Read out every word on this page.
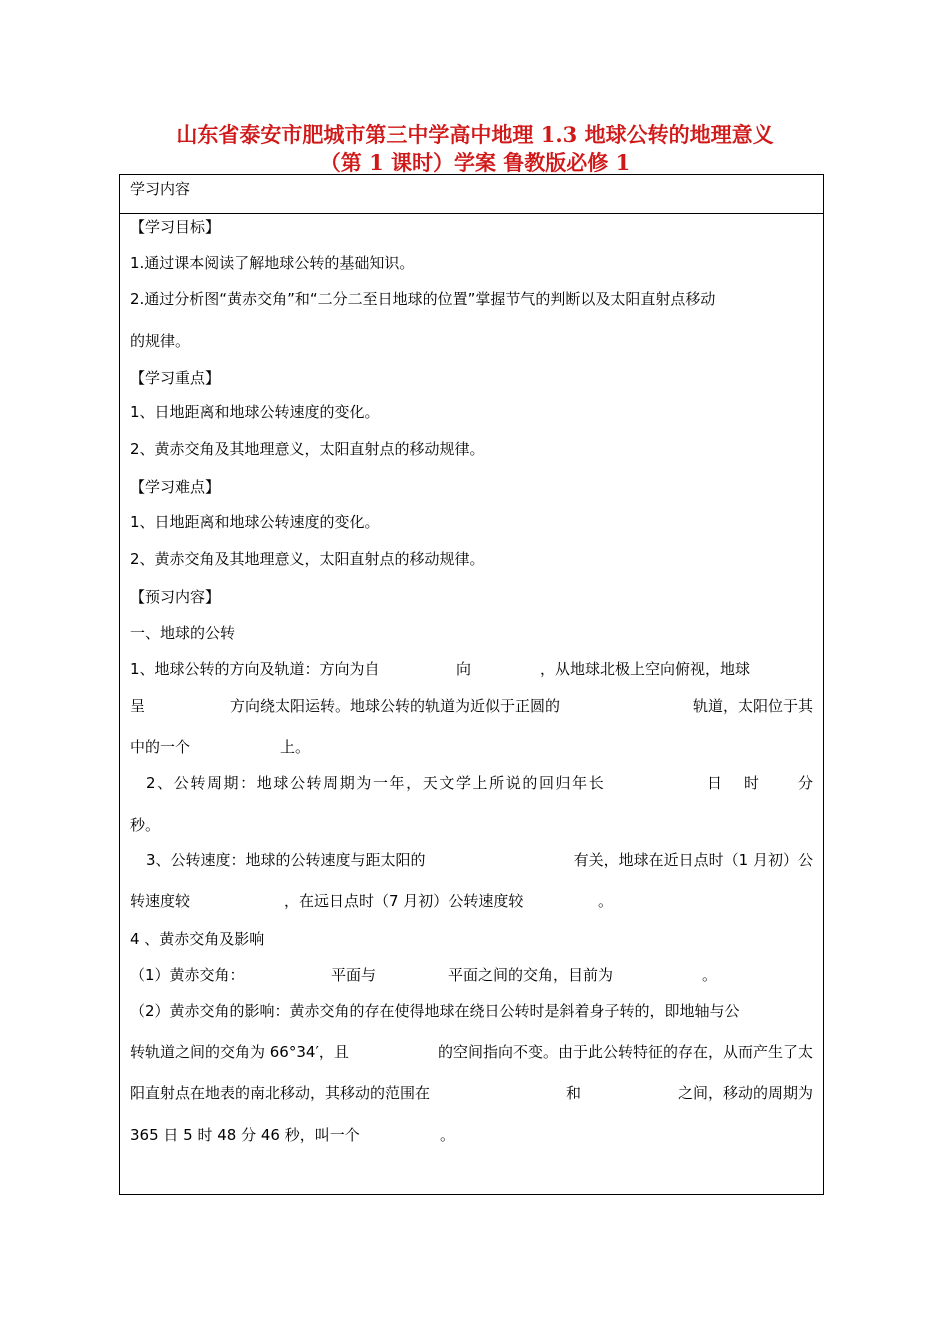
山东省泰安市肥城市第三中学高中地理 1.3 地球公转的地理意义
（第 1 课时）学案 鲁教版必修 1
学习内容
【学习目标】
1.通过课本阅读了解地球公转的基础知识。
2.通过分析图“黄赤交角”和“二分二至日地球的位置”掌握节气的判断以及太阳直射点移动
的规律。
【学习重点】
1、日地距离和地球公转速度的变化。
2、黄赤交角及其地理意义，太阳直射点的移动规律。
【学习难点】
1、日地距离和地球公转速度的变化。
2、黄赤交角及其地理意义，太阳直射点的移动规律。
【预习内容】
一、地球的公转
1、地球公转的方向及轨道：方向为自	向	，从地球北极上空向俯视，地球
呈	方向绕太阳运转。地球公转的轨道为近似于正圆的	轨道，太阳位于其
中的一个	上。
2、公转周期：地球公转周期为一年，天文学上所说的回归年长	日 时	分
秒。
3、公转速度：地球的公转速度与距太阳的	有关，地球在近日点时（1 月初）公
转速度较	，在远日点时（7 月初）公转速度较	。
4 、黄赤交角及影响
（1）黄赤交角：	平面与	平面之间的交角，目前为	。
（2）黄赤交角的影响：黄赤交角的存在使得地球在绕日公转时是斜着身子转的，即地轴与公
转轨道之间的交角为 66°34′，且	的空间指向不变。由于此公转特征的存在，从而产生了太
阳直射点在地表的南北移动，其移动的范围在	和	之间，移动的周期为
365 日 5 时 48 分 46 秒，叫一个	。
